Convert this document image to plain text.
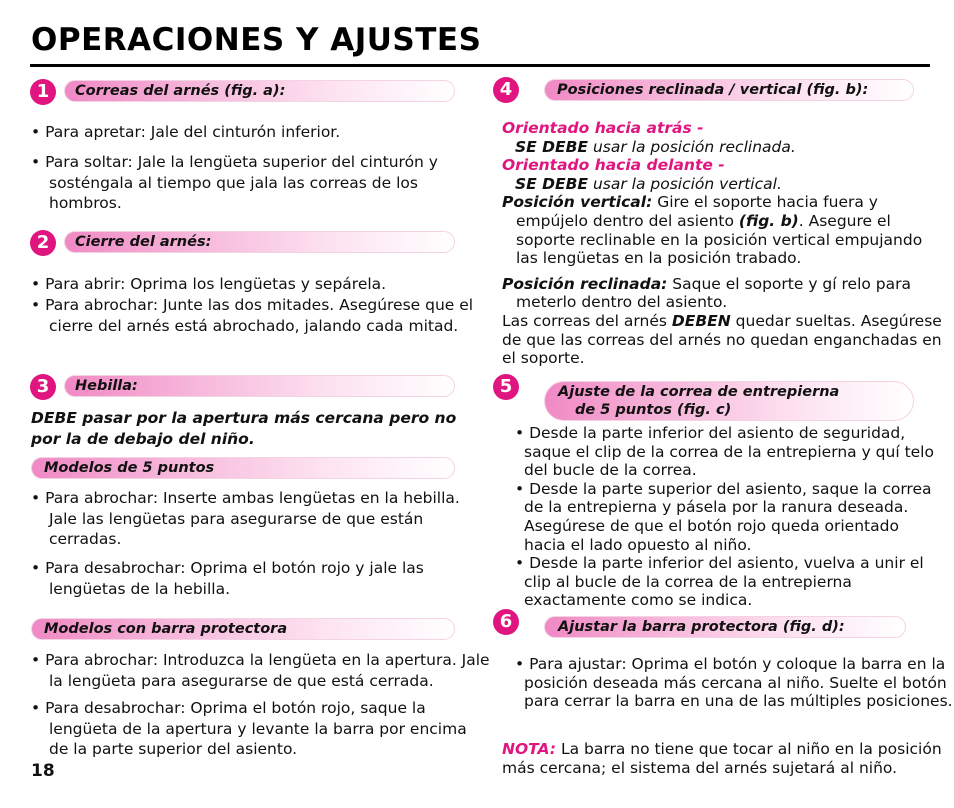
OPERACIONES Y AJUSTES
1	Correas del arnés (fig. a):
• Para apretar: Jale del cinturón inferior.
• Para soltar: Jale la lengüeta superior del cinturón y sosténgala al tiempo que jala las correas de los hombros.
2	Cierre del arnés:
• Para abrir: Oprima los lengüetas y sepárela.
• Para abrochar: Junte las dos mitades. Asegúrese que el cierre del arnés está abrochado, jalando cada mitad.
3	Hebilla:
DEBE pasar por la apertura más cercana pero no por la de debajo del niño.
Modelos de 5 puntos
• Para abrochar: Inserte ambas lengüetas en la hebilla. Jale las lengüetas para asegurarse de que están cerradas.
• Para desabrochar: Oprima el botón rojo y jale las lengüetas de la hebilla.
Modelos con barra protectora
• Para abrochar: Introduzca la lengüeta en la apertura. Jale la lengüeta para asegurarse de que está cerrada.
• Para desabrochar: Oprima el botón rojo, saque la lengüeta de la apertura y levante la barra por encima de la parte superior del asiento.
18
4	Posiciones reclinada / vertical (fig. b):
Orientado hacia atrás -
SE DEBE usar la posición reclinada.
Orientado hacia delante -
SE DEBE usar la posición vertical.
Posición vertical: Gire el soporte hacia fuera y empújelo dentro del asiento (fig. b). Asegure el soporte reclinable en la posición vertical empujando las lengüetas en la posición trabado.
Posición reclinada: Saque el soporte y gí relo para meterlo dentro del asiento.
Las correas del arnés DEBEN quedar sueltas. Asegúrese de que las correas del arnés no quedan enganchadas en el soporte.
5	Ajuste de la correa de entrepierna
de 5 puntos (fig. c)
• Desde la parte inferior del asiento de seguridad, saque el clip de la correa de la entrepierna y quí telo del bucle de la correa.
• Desde la parte superior del asiento, saque la correa de la entrepierna y pásela por la ranura deseada. Asegúrese de que el botón rojo queda orientado hacia el lado opuesto al niño.
• Desde la parte inferior del asiento, vuelva a unir el clip al bucle de la correa de la entrepierna exactamente como se indica.
6	Ajustar la barra protectora (fig. d):
• Para ajustar: Oprima el botón y coloque la barra en la posición deseada más cercana al niño. Suelte el botón para cerrar la barra en una de las múltiples posiciones.
NOTA: La barra no tiene que tocar al niño en la posición más cercana; el sistema del arnés sujetará al niño.
